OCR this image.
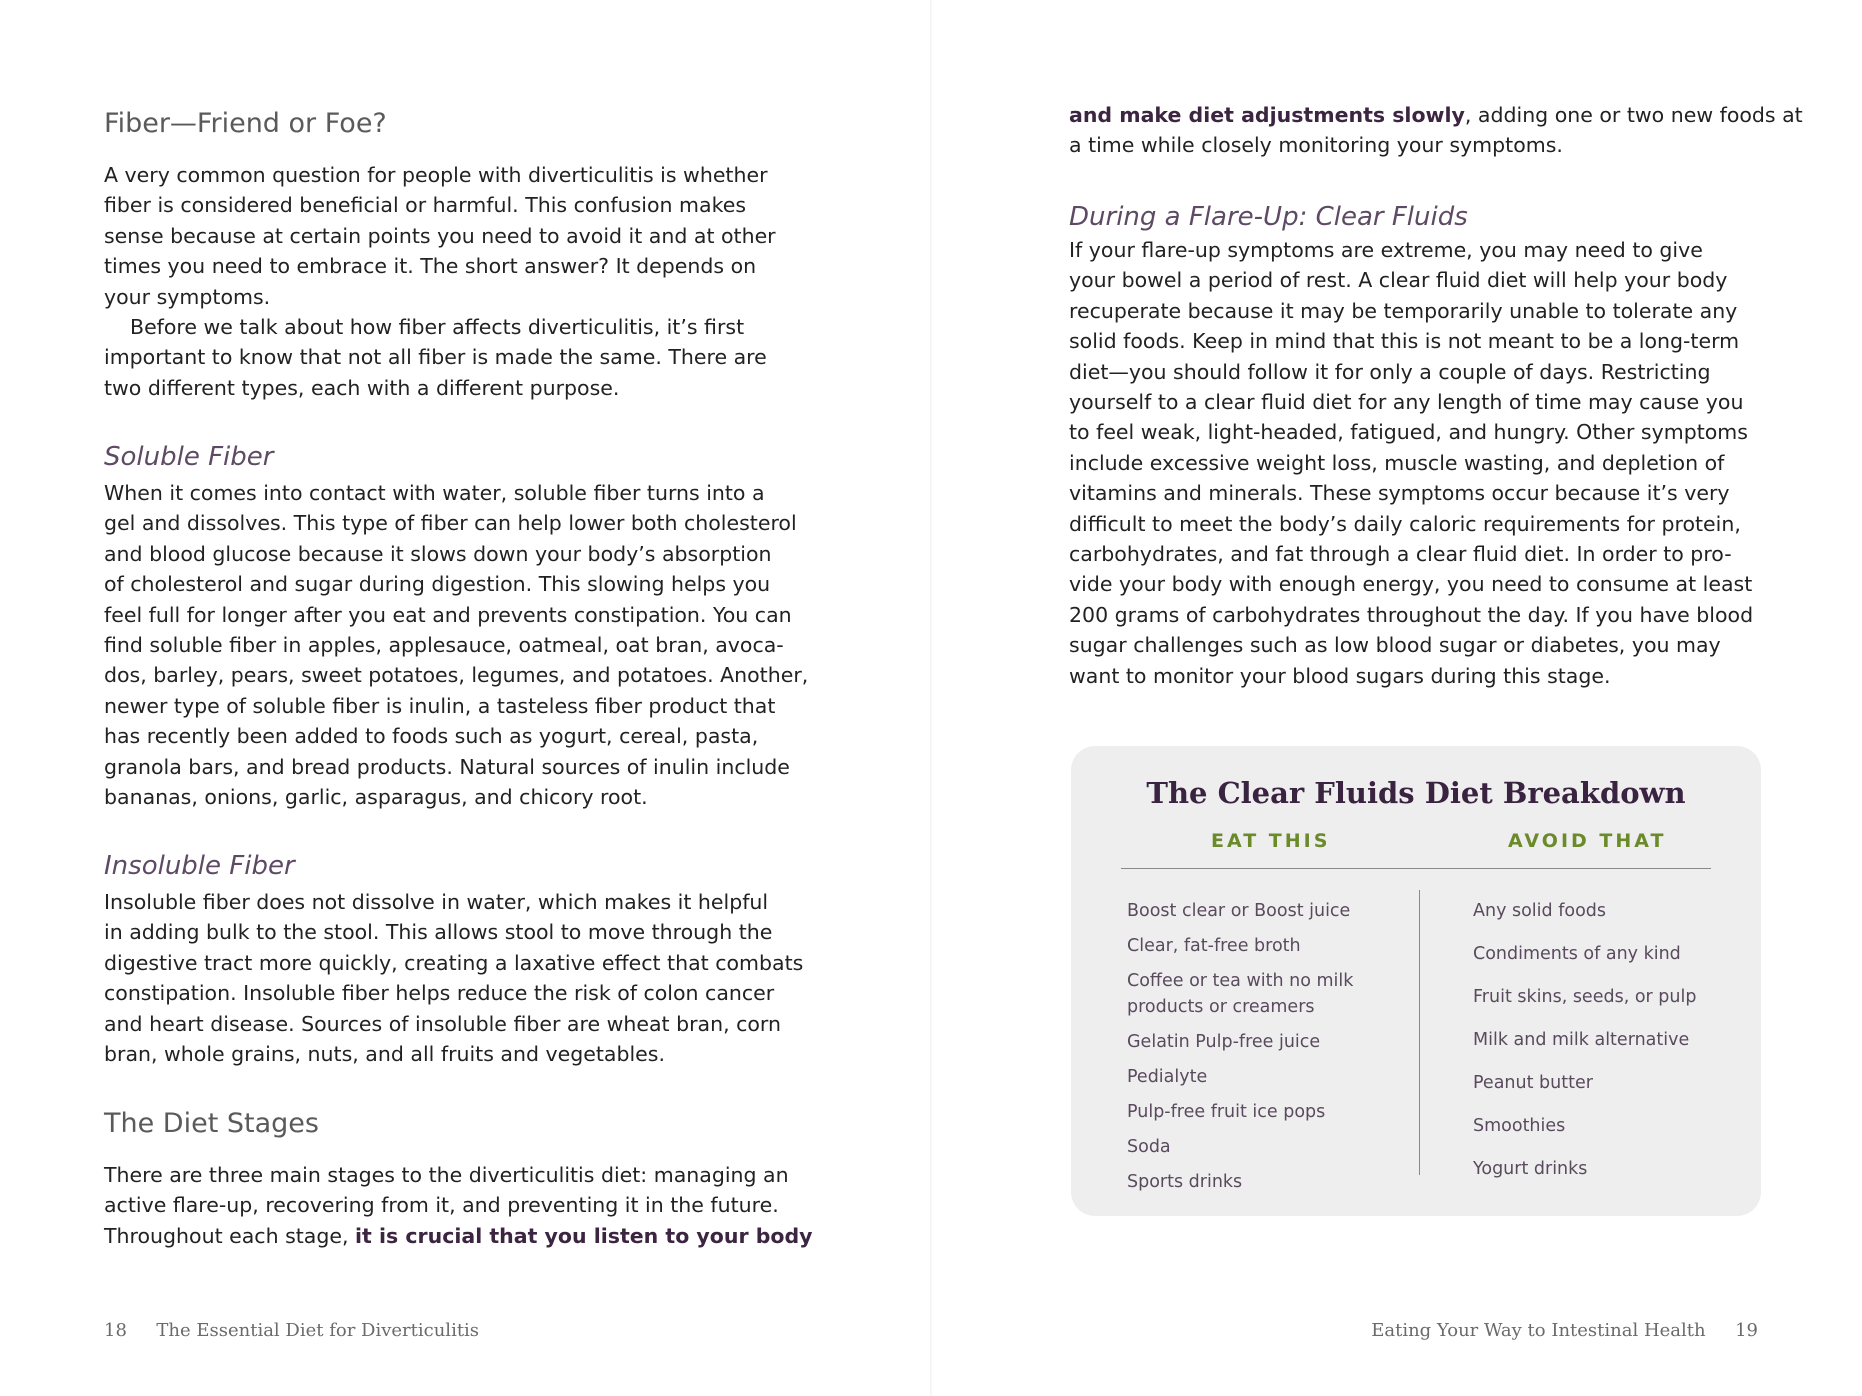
Fiber—Friend or Foe?

A very common question for people with diverticulitis is whether
fiber is considered beneficial or harmful. This confusion makes
sense because at certain points you need to avoid it and at other
times you need to embrace it. The short answer? It depends on
your symptoms.
Before we talk about how fiber affects diverticulitis, it’s first
important to know that not all fiber is made the same. There are
two different types, each with a different purpose.

Soluble Fiber

When it comes into contact with water, soluble fiber turns into a
gel and dissolves. This type of fiber can help lower both cholesterol
and blood glucose because it slows down your body’s absorption
of cholesterol and sugar during digestion. This slowing helps you
feel full for longer after you eat and prevents constipation. You can
find soluble fiber in apples, applesauce, oatmeal, oat bran, avoca-
dos, barley, pears, sweet potatoes, legumes, and potatoes. Another,
newer type of soluble fiber is inulin, a tasteless fiber product that
has recently been added to foods such as yogurt, cereal, pasta,
granola bars, and bread products. Natural sources of inulin include
bananas, onions, garlic, asparagus, and chicory root.

Insoluble Fiber

Insoluble fiber does not dissolve in water, which makes it helpful
in adding bulk to the stool. This allows stool to move through the
digestive tract more quickly, creating a laxative effect that combats
constipation. Insoluble fiber helps reduce the risk of colon cancer
and heart disease. Sources of insoluble fiber are wheat bran, corn
bran, whole grains, nuts, and all fruits and vegetables.

The Diet Stages

There are three main stages to the diverticulitis diet: managing an
active flare-up, recovering from it, and preventing it in the future.
Throughout each stage, it is crucial that you listen to your body

18 The Essential Diet for Diverticulitis

and make diet adjustments slowly, adding one or two new foods at
a time while closely monitoring your symptoms.

During a Flare-Up: Clear Fluids

If your flare-up symptoms are extreme, you may need to give
your bowel a period of rest. A clear fluid diet will help your body
recuperate because it may be temporarily unable to tolerate any
solid foods. Keep in mind that this is not meant to be a long-term
diet—you should follow it for only a couple of days. Restricting
yourself to a clear fluid diet for any length of time may cause you
to feel weak, light-headed, fatigued, and hungry. Other symptoms
include excessive weight loss, muscle wasting, and depletion of
vitamins and minerals. These symptoms occur because it’s very
difficult to meet the body’s daily caloric requirements for protein,
carbohydrates, and fat through a clear fluid diet. In order to pro-
vide your body with enough energy, you need to consume at least
200 grams of carbohydrates throughout the day. If you have blood
sugar challenges such as low blood sugar or diabetes, you may
want to monitor your blood sugars during this stage.

The Clear Fluids Diet Breakdown
EAT THIS	AVOID THAT
Boost clear or Boost juice
Clear, fat-free broth
Coffee or tea with no milk
products or creamers
Gelatin Pulp-free juice
Pedialyte
Pulp-free fruit ice pops
Soda
Sports drinks
Any solid foods
Condiments of any kind
Fruit skins, seeds, or pulp
Milk and milk alternative
Peanut butter
Smoothies
Yogurt drinks
Eating Your Way to Intestinal Health 19
